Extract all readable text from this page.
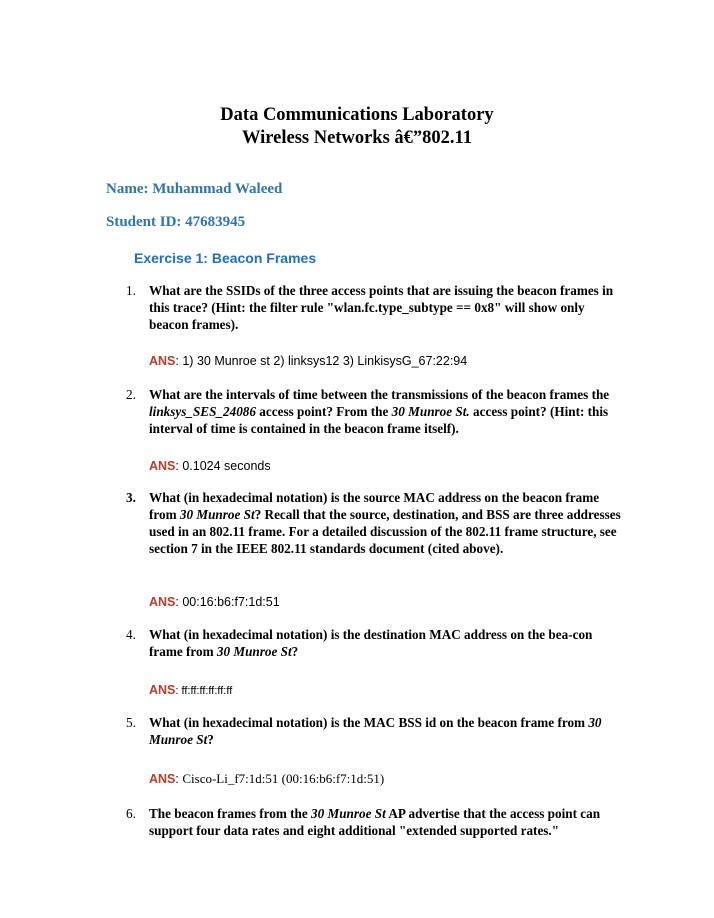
Data Communications Laboratory
Wireless Networks â€”802.11
Name: Muhammad Waleed
Student ID: 47683945
Exercise 1: Beacon Frames
1. What are the SSIDs of the three access points that are issuing the beacon frames in this trace? (Hint: the filter rule "wlan.fc.type_subtype == 0x8" will show only beacon frames).
ANS: 1) 30 Munroe st 2) linksys12 3) LinkisysG_67:22:94
2. What are the intervals of time between the transmissions of the beacon frames the linksys_SES_24086 access point? From the 30 Munroe St. access point? (Hint: this interval of time is contained in the beacon frame itself).
ANS: 0.1024 seconds
3. What (in hexadecimal notation) is the source MAC address on the beacon frame from 30 Munroe St? Recall that the source, destination, and BSS are three addresses used in an 802.11 frame. For a detailed discussion of the 802.11 frame structure, see section 7 in the IEEE 802.11 standards document (cited above).
ANS: 00:16:b6:f7:1d:51
4. What (in hexadecimal notation) is the destination MAC address on the bea-con frame from 30 Munroe St?
ANS: ff:ff:ff:ff:ff:ff
5. What (in hexadecimal notation) is the MAC BSS id on the beacon frame from 30 Munroe St?
ANS: Cisco-Li_f7:1d:51 (00:16:b6:f7:1d:51)
6. The beacon frames from the 30 Munroe St AP advertise that the access point can support four data rates and eight additional "extended supported rates."
